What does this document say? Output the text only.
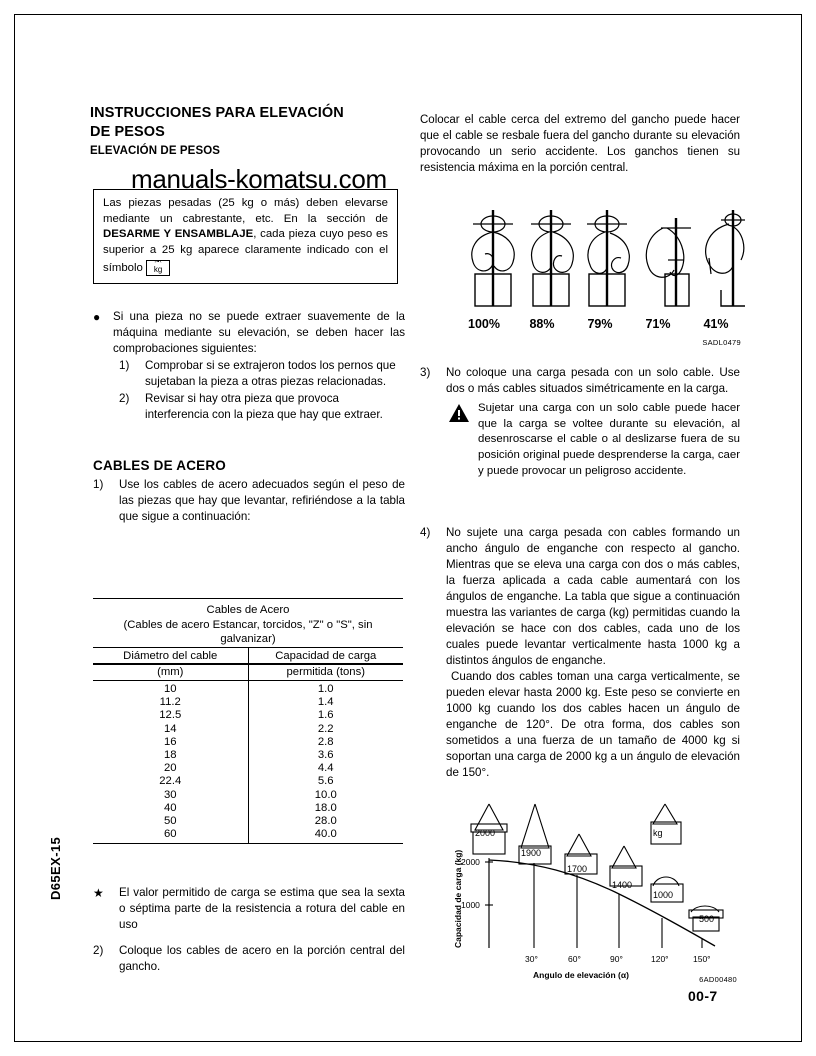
INSTRUCCIONES PARA ELEVACIÓN
DE PESOS
ELEVACIÓN DE PESOS
manuals-komatsu.com

Las piezas pesadas (25 kg o más) deben elevarse mediante un cabrestante, etc. En la sección de DESARME Y ENSAMBLAJE, cada pieza cuyo peso es superior a 25 kg aparece claramente indicado con el símbolo kg

●	Si una pieza no se puede extraer suavemente de la máquina mediante su elevación, se deben hacer las comprobaciones siguientes:
1)	Comprobar si se extrajeron todos los pernos que sujetaban la pieza a otras piezas relacionadas.
2)	Revisar si hay otra pieza que provoca interferencia con la pieza que hay que extraer.
CABLES DE ACERO
1)	Use los cables de acero adecuados según el peso de las piezas que hay que levantar, refiriéndose a la tabla que sigue a continuación:
Cables de Acero
(Cables de acero Estancar, torcidos, "Z" o "S", sin
galvanizar)
Diámetro del cable	Capacidad de carga
(mm)	permitida (tons)
10	1.0
11.2	1.4
12.5	1.6
14	2.2
16	2.8
18	3.6
20	4.4
22.4	5.6
30	10.0
40	18.0
50	28.0
60	40.0
★	El valor permitido de carga se estima que sea la sexta o séptima parte de la resistencia a rotura del cable en uso
2)	Coloque los cables de acero en la porción central del gancho.

Colocar el cable cerca del extremo del gancho puede hacer que el cable se resbale fuera del gancho durante su elevación provocando un serio accidente. Los ganchos tienen su resistencia máxima en la porción central.

100%	88%	79%	71%	41%
SADL0479
3)	No coloque una carga pesada con un solo cable. Use dos o más cables situados simétricamente en la carga.
Sujetar una carga con un solo cable puede hacer que la carga se voltee durante su elevación, al desenroscarse el cable o al deslizarse fuera de su posición original puede desprenderse la carga, caer y puede provocar un peligroso accidente.
4)	No sujete una carga pesada con cables formando un ancho ángulo de enganche con respecto al gancho. Mientras que se eleva una carga con dos o más cables, la fuerza aplicada a cada cable aumentará con los ángulos de enganche. La tabla que sigue a continuación muestra las variantes de carga (kg) permitidas cuando la elevación se hace con dos cables, cada uno de los cuales puede levantar verticalmente hasta 1000 kg a distintos ángulos de enganche.
Cuando dos cables toman una carga verticalmente, se pueden elevar hasta 2000 kg. Este peso se convierte en 1000 kg cuando los dos cables hacen un ángulo de enganche de 120°. De otra forma, dos cables son sometidos a una fuerza de un tamaño de 4000 kg si soportan una carga de 2000 kg a un ángulo de elevación de 150°.
2000
1900
1700
1400
1000
500
kg
2000
1000
30°	60°	90°	120°	150°
Angulo de elevación (α)
Capacidad de carga (kg)
6AD00480
D65EX-15
00-7
